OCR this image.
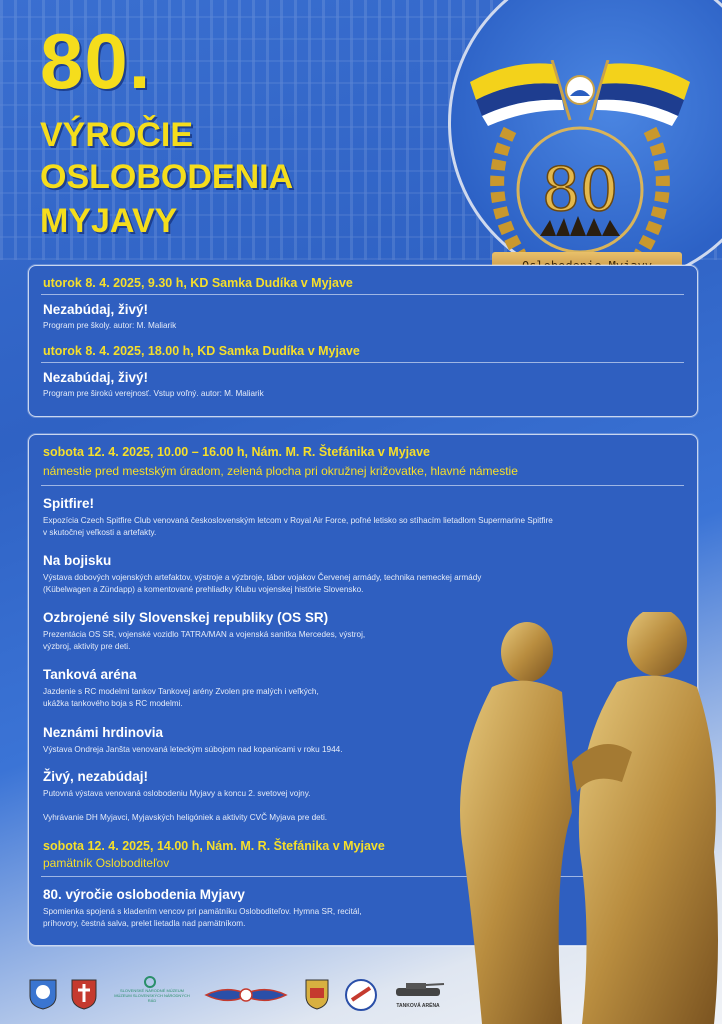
80.
VÝROČIE
OSLOBODENIA
MYJAVY	80
utorok 8. 4. 2025, 9.30 h, KD Samka Dudíka v Myjave
Nezabúdaj, živý!
Program pre školy. autor: M. Maliarik
utorok 8. 4. 2025, 18.00 h, KD Samka Dudíka v Myjave
Nezabúdaj, živý!
Program pre širokú verejnosť. Vstup voľný. autor: M. Maliarik
sobota 12. 4. 2025, 10.00 – 16.00 h, Nám. M. R. Štefánika v Myjave
námestie pred mestským úradom, zelená plocha pri okružnej križovatke, hlavné námestie
Spitfire!
Expozícia Czech Spitfire Club venovaná československým letcom v Royal Air Force, poľné letisko so stíhacím lietadlom Supermarine Spitfire
v skutočnej veľkosti a artefakty.
Na bojisku
Výstava dobových vojenských artefaktov, výstroje a výzbroje, tábor vojakov Červenej armády, technika nemeckej armády
(Kübelwagen a Zündapp) a komentované prehliadky Klubu vojenskej histórie Slovensko.
Ozbrojené sily Slovenskej republiky (OS SR)
Prezentácia OS SR, vojenské vozidlo TATRA/MAN a vojenská sanitka Mercedes, výstroj,
výzbroj, aktivity pre deti.
Tanková aréna
Jazdenie s RC modelmi tankov Tankovej arény Zvolen pre malých i veľkých,
ukážka tankového boja s RC modelmi.
Neznámi hrdinovia
Výstava Ondreja Janšta venovaná leteckým súbojom nad kopanicami v roku 1944.
Živý, nezabúdaj!
Putovná výstava venovaná oslobodeniu Myjavy a koncu 2. svetovej vojny.
Vyhrávanie DH Myjavci, Myjavských heligóniek a aktivity CVČ Myjava pre deti.
sobota 12. 4. 2025, 14.00 h, Nám. M. R. Štefánika v Myjave
pamätník Osloboditeľov
80. výročie oslobodenia Myjavy
Spomienka spojená s kladením vencov pri pamätníku Osloboditeľov. Hymna SR, recitál,
príhovory, čestná salva, prelet lietadla nad pamätníkom.
SLOVENSKÉ NÁRODNÉ MÚZEUM
MÚZEUM SLOVENSKÝCH NÁRODNÝCH RÁD
TANKOVÁ ARÉNA
